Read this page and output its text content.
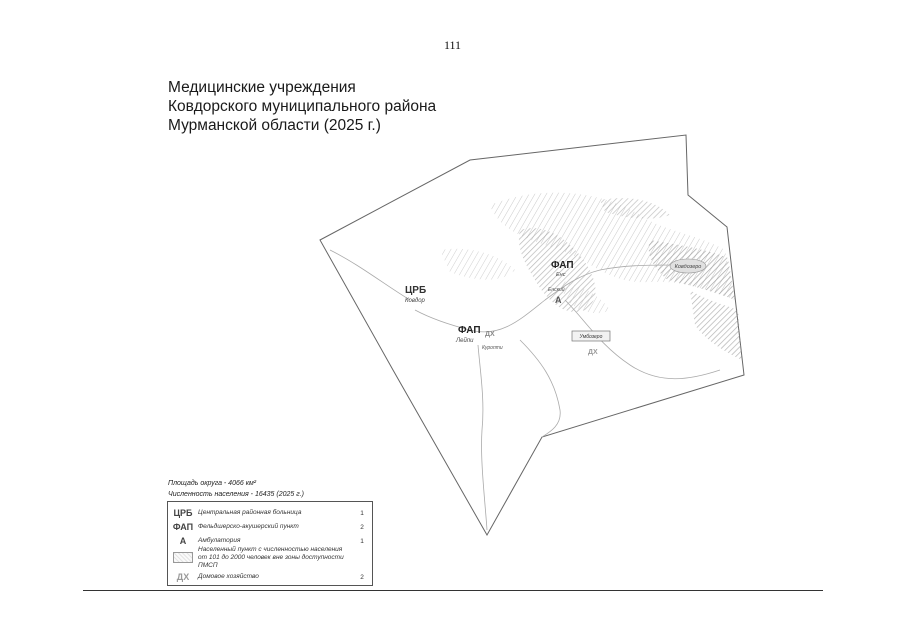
111
Медицинские учреждения
Ковдорского муниципального района
Мурманской области (2025 г.)
Ковдозеро
ЦРБ
Ковдор
ФАП ДХ
Лейпи
Куропти
ФАП
Енс
Енский
А
Умбозеро
ДХ
Площадь округа - 4066 км²
Численность населения - 16435 (2025 г.)
ЦРБ Центральная районная больница	1
ФАП Фельдшерско-акушерский пункт	2
А	Амбулатория	1
Населенный пункт с численностью населения от 101 до 2000 человек вне зоны доступности ПМСП
ДХ	Домовое хозяйство	2
